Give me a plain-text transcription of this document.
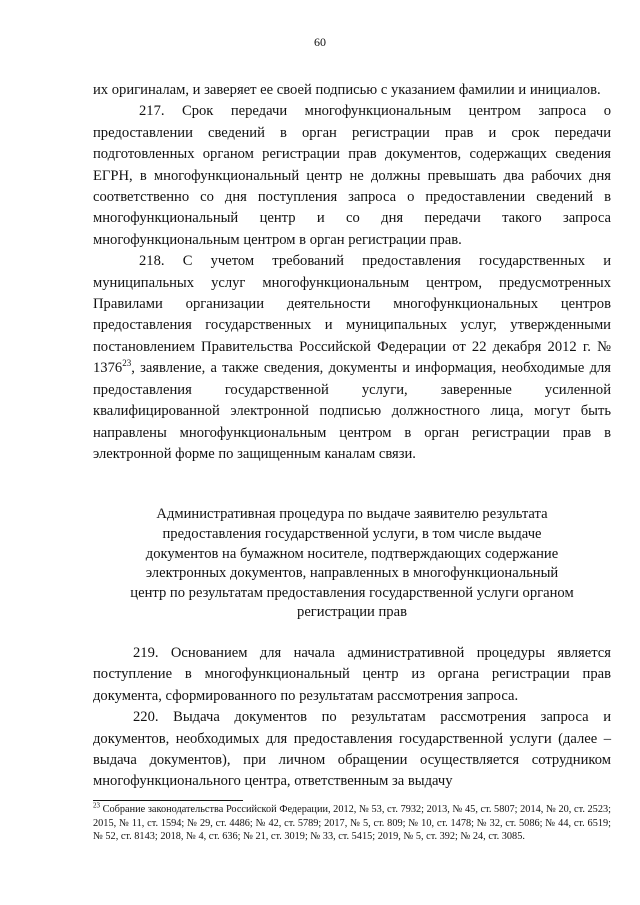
60

их оригиналам, и заверяет ее своей подписью с указанием фамилии и инициалов.

217. Срок передачи многофункциональным центром запроса о предоставлении сведений в орган регистрации прав и срок передачи подготовленных органом регистрации прав документов, содержащих сведения ЕГРН, в многофункциональный центр не должны превышать два рабочих дня соответственно со дня поступления запроса о предоставлении сведений в многофункциональный центр и со дня передачи такого запроса многофункциональным центром в орган регистрации прав.

218. С учетом требований предоставления государственных и муниципальных услуг многофункциональным центром, предусмотренных Правилами организации деятельности многофункциональных центров предоставления государственных и муниципальных услуг, утвержденными постановлением Правительства Российской Федерации от 22 декабря 2012 г. № 1376$^{23}$, заявление, а также сведения, документы и информация, необходимые для предоставления государственной услуги, заверенные усиленной квалифицированной электронной подписью должностного лица, могут быть направлены многофункциональным центром в орган регистрации прав в электронной форме по защищенным каналам связи.

Административная процедура по выдаче заявителю результата
предоставления государственной услуги, в том числе выдаче
документов на бумажном носителе, подтверждающих содержание
электронных документов, направленных в многофункциональный
центр по результатам предоставления государственной услуги органом
регистрации прав

219. Основанием для начала административной процедуры является поступление в многофункциональный центр из органа регистрации прав документа, сформированного по результатам рассмотрения запроса.

220. Выдача документов по результатам рассмотрения запроса и документов, необходимых для предоставления государственной услуги (далее – выдача документов), при личном обращении осуществляется сотрудником многофункционального центра, ответственным за выдачу

$^{23}$ Собрание законодательства Российской Федерации, 2012, № 53, ст. 7932; 2013, № 45, ст. 5807; 2014, № 20, ст. 2523; 2015, № 11, ст. 1594; № 29, ст. 4486; № 42, ст. 5789; 2017, № 5, ст. 809; № 10, ст. 1478; № 32, ст. 5086; № 44, ст. 6519; № 52, ст. 8143; 2018, № 4, ст. 636; № 21, ст. 3019; № 33, ст. 5415; 2019, № 5, ст. 392; № 24, ст. 3085.
